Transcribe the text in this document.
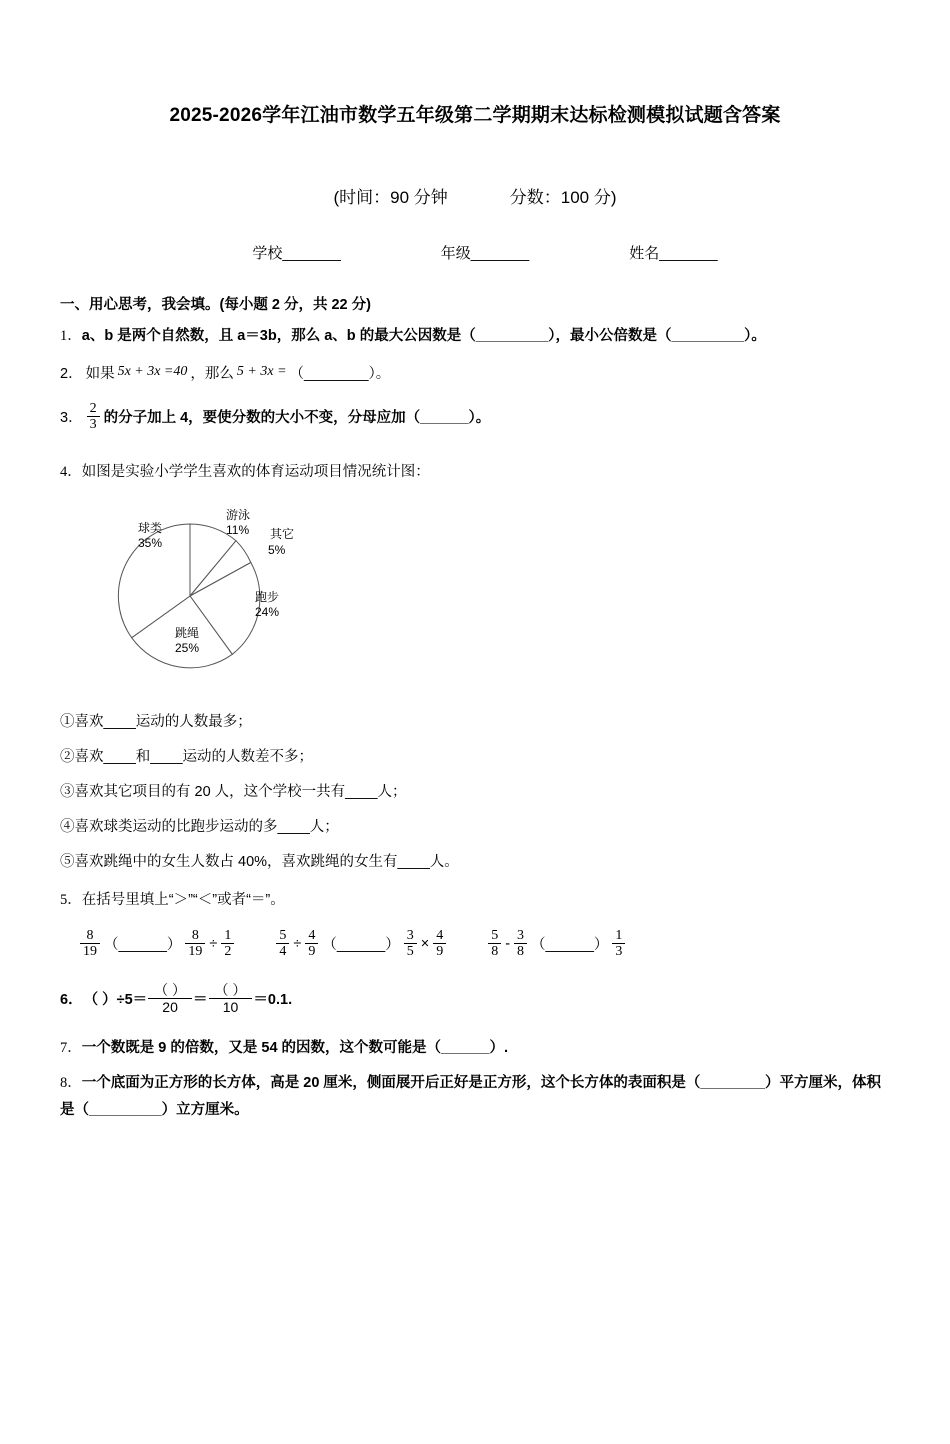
2025-2026学年江油市数学五年级第二学期期末达标检测模拟试题含答案
(时间：90 分钟	分数：100 分)
学校_______	年级_______	姓名_______
一、用心思考，我会填。(每小题 2 分，共 22 分)
1．a、b 是两个自然数，且 a＝3b，那么 a、b 的最大公因数是（_________），最小公倍数是（_________）。
2． 如果 5x + 3x =40 ，那么 5 + 3x = （________）。
3． $\frac{2}{3}$ 的分子加上 4，要使分数的大小不变，分母应加（______）。
4．如图是实验小学学生喜欢的体育运动项目情况统计图：
球类
35%
游泳
11% 其它
5%
跑步
24%
跳绳
25%
①喜欢____运动的人数最多；
②喜欢____和____运动的人数差不多；
③喜欢其它项目的有 20 人，这个学校一共有____人；
④喜欢球类运动的比跑步运动的多____人；
⑤喜欢跳绳中的女生人数占 40%，喜欢跳绳的女生有____人。
5．在括号里填上“＞”“＜”或者“＝”。
$\frac{8}{19}$ （______） $\frac{8}{19} \div \frac{1}{2}$	$\frac{5}{4} \div \frac{4}{9}$ （______） $\frac{3}{5} \times \frac{4}{9}$	$\frac{5}{8} - \frac{3}{8}$ （______） $\frac{1}{3}$
6． （ ）÷5＝
（ ）
20	＝
（ ）
10	＝0.1.
7．一个数既是 9 的倍数，又是 54 的因数，这个数可能是（______）.
8．一个底面为正方形的长方体，高是 20 厘米，侧面展开后正好是正方形，这个长方体的表面积是（________）平方厘米，体积是（_________）立方厘米。
